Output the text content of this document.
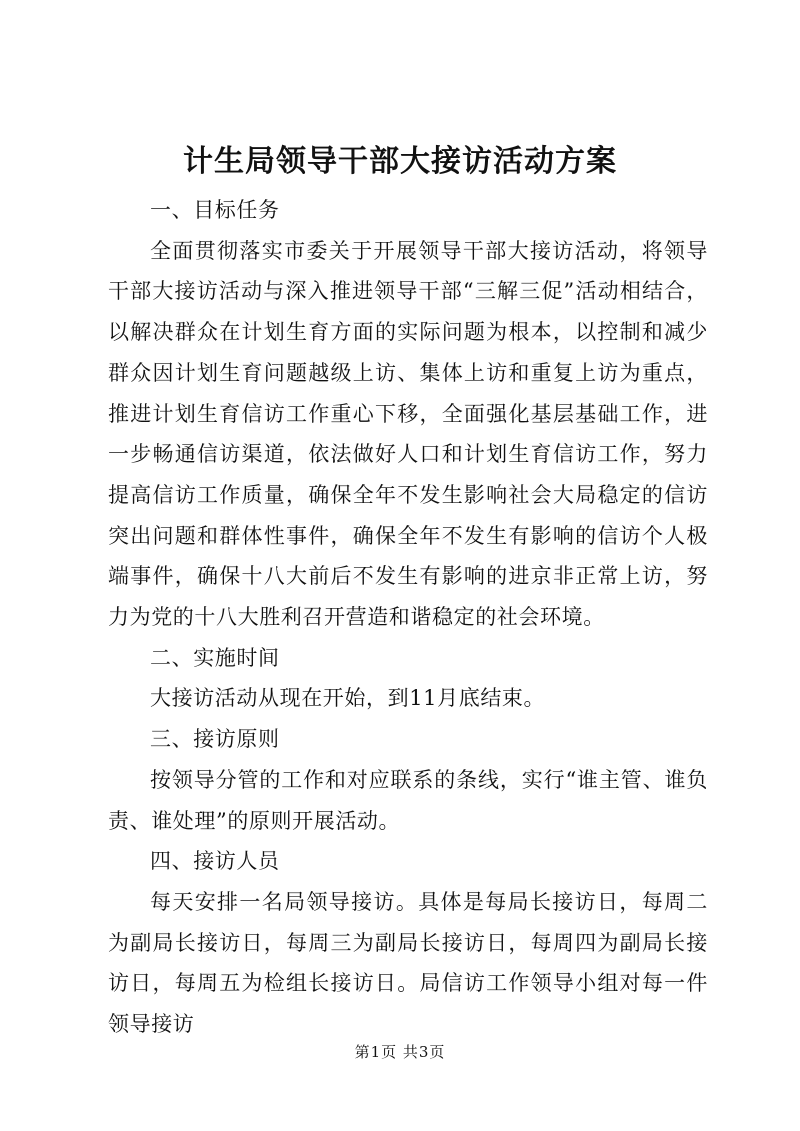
计生局领导干部大接访活动方案

一、目标任务

全面贯彻落实市委关于开展领导干部大接访活动，将领导干部大接访活动与深入推进领导干部“三解三促”活动相结合，以解决群众在计划生育方面的实际问题为根本，以控制和减少群众因计划生育问题越级上访、集体上访和重复上访为重点，推进计划生育信访工作重心下移，全面强化基层基础工作，进一步畅通信访渠道，依法做好人口和计划生育信访工作，努力提高信访工作质量，确保全年不发生影响社会大局稳定的信访突出问题和群体性事件，确保全年不发生有影响的信访个人极端事件，确保十八大前后不发生有影响的进京非正常上访，努力为党的十八大胜利召开营造和谐稳定的社会环境。

二、实施时间

大接访活动从现在开始，到11月底结束。

三、接访原则

按领导分管的工作和对应联系的条线，实行“谁主管、谁负责、谁处理”的原则开展活动。

四、接访人员

每天安排一名局领导接访。具体是每局长接访日，每周二为副局长接访日，每周三为副局长接访日，每周四为副局长接访日，每周五为检组长接访日。局信访工作领导小组对每一件领导接访

第1页 共3页
